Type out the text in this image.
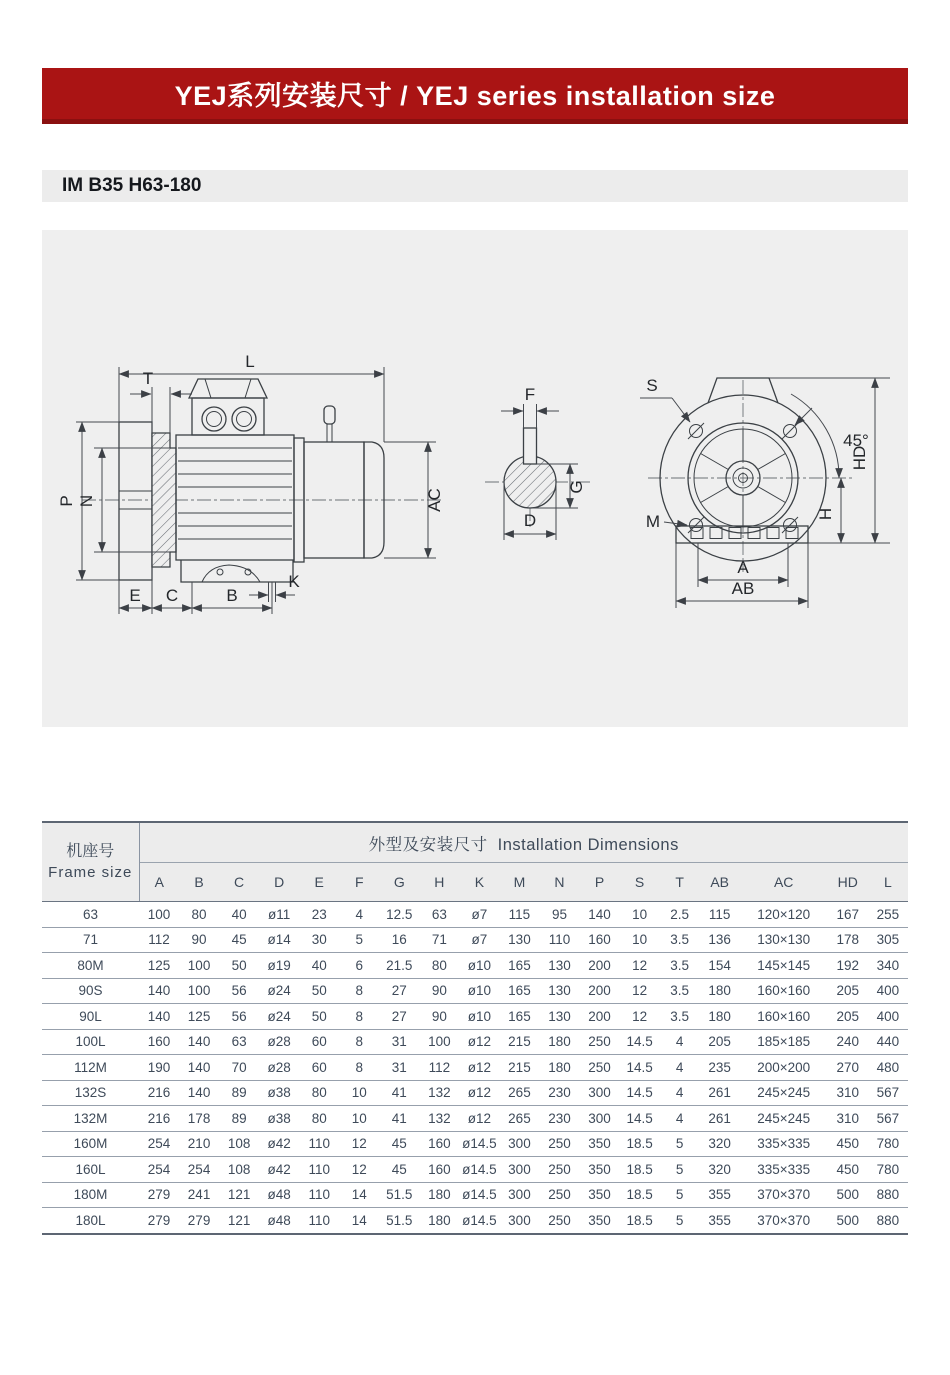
YEJ系列安装尺寸 / YEJ series installation size
IM B35 H63-180
L
T
P N
E C	B
K
AC
F
G
D
S
M
45°
H
HD
A
AB
机座号
Frame size	外型及安装尺寸 Installation Dimensions																	
	A	B	C	D	E	F	G	H	K	M	N	P	S	T	AB	AC	HD	L
63	100	80	40	ø11	23	4	12.5	63	ø7	115	95	140	10	2.5	115	120×120	167	255
71	112	90	45	ø14	30	5	16	71	ø7	130	110	160	10	3.5	136	130×130	178	305
80M	125	100	50	ø19	40	6	21.5	80	ø10	165	130	200	12	3.5	154	145×145	192	340
90S	140	100	56	ø24	50	8	27	90	ø10	165	130	200	12	3.5	180	160×160	205	400
90L	140	125	56	ø24	50	8	27	90	ø10	165	130	200	12	3.5	180	160×160	205	400
100L	160	140	63	ø28	60	8	31	100	ø12	215	180	250	14.5	4	205	185×185	240	440
112M	190	140	70	ø28	60	8	31	112	ø12	215	180	250	14.5	4	235	200×200	270	480
132S	216	140	89	ø38	80	10	41	132	ø12	265	230	300	14.5	4	261	245×245	310	567
132M	216	178	89	ø38	80	10	41	132	ø12	265	230	300	14.5	4	261	245×245	310	567
160M	254	210	108	ø42	110	12	45	160	ø14.5	300	250	350	18.5	5	320	335×335	450	780
160L	254	254	108	ø42	110	12	45	160	ø14.5	300	250	350	18.5	5	320	335×335	450	780
180M	279	241	121	ø48	110	14	51.5	180	ø14.5	300	250	350	18.5	5	355	370×370	500	880
180L	279	279	121	ø48	110	14	51.5	180	ø14.5	300	250	350	18.5	5	355	370×370	500	880
